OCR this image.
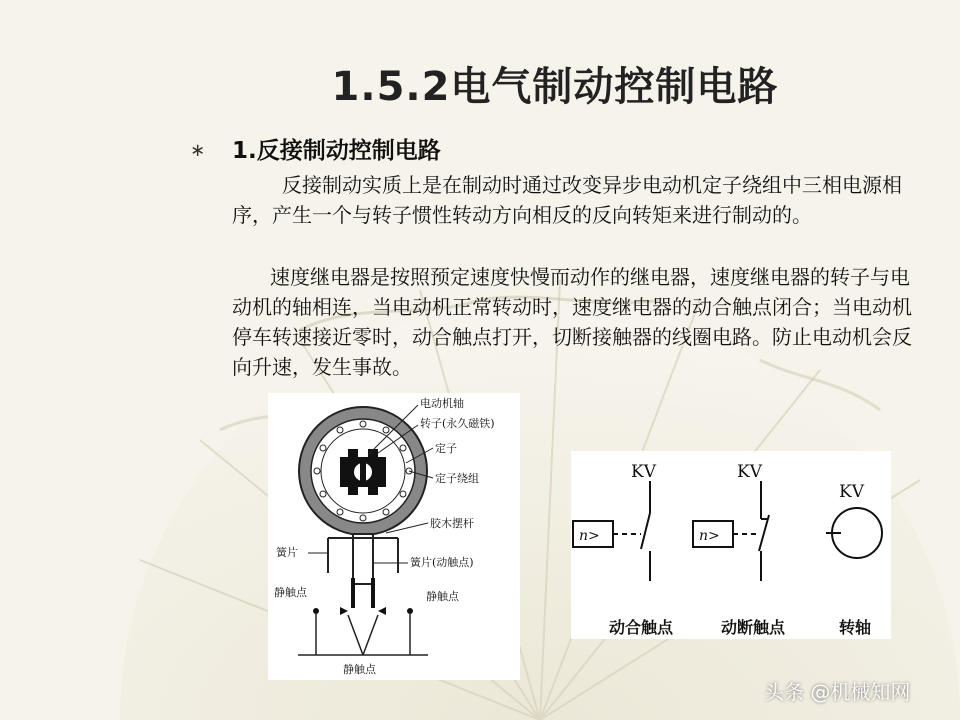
1.5.2电气制动控制电路
∗ 1.反接制动控制电路
反接制动实质上是在制动时通过改变异步电动机定子绕组中三相电源相序，产生一个与转子惯性转动方向相反的反向转矩来进行制动的。
速度继电器是按照预定速度快慢而动作的继电器，速度继电器的转子与电动机的轴相连，当电动机正常转动时，速度继电器的动合触点闭合；当电动机停车转速接近零时，动合触点打开，切断接触器的线圈电路。防止电动机会反向升速，发生事故。
电动机轴
转子(永久磁铁)
定子
定子绕组
胶木摆杆
簧片
簧片(动触点)
静触点	静触点
静触点
KV	KV
KV
n>	n>
动合触点	动断触点	转轴
头条 @机械知网
